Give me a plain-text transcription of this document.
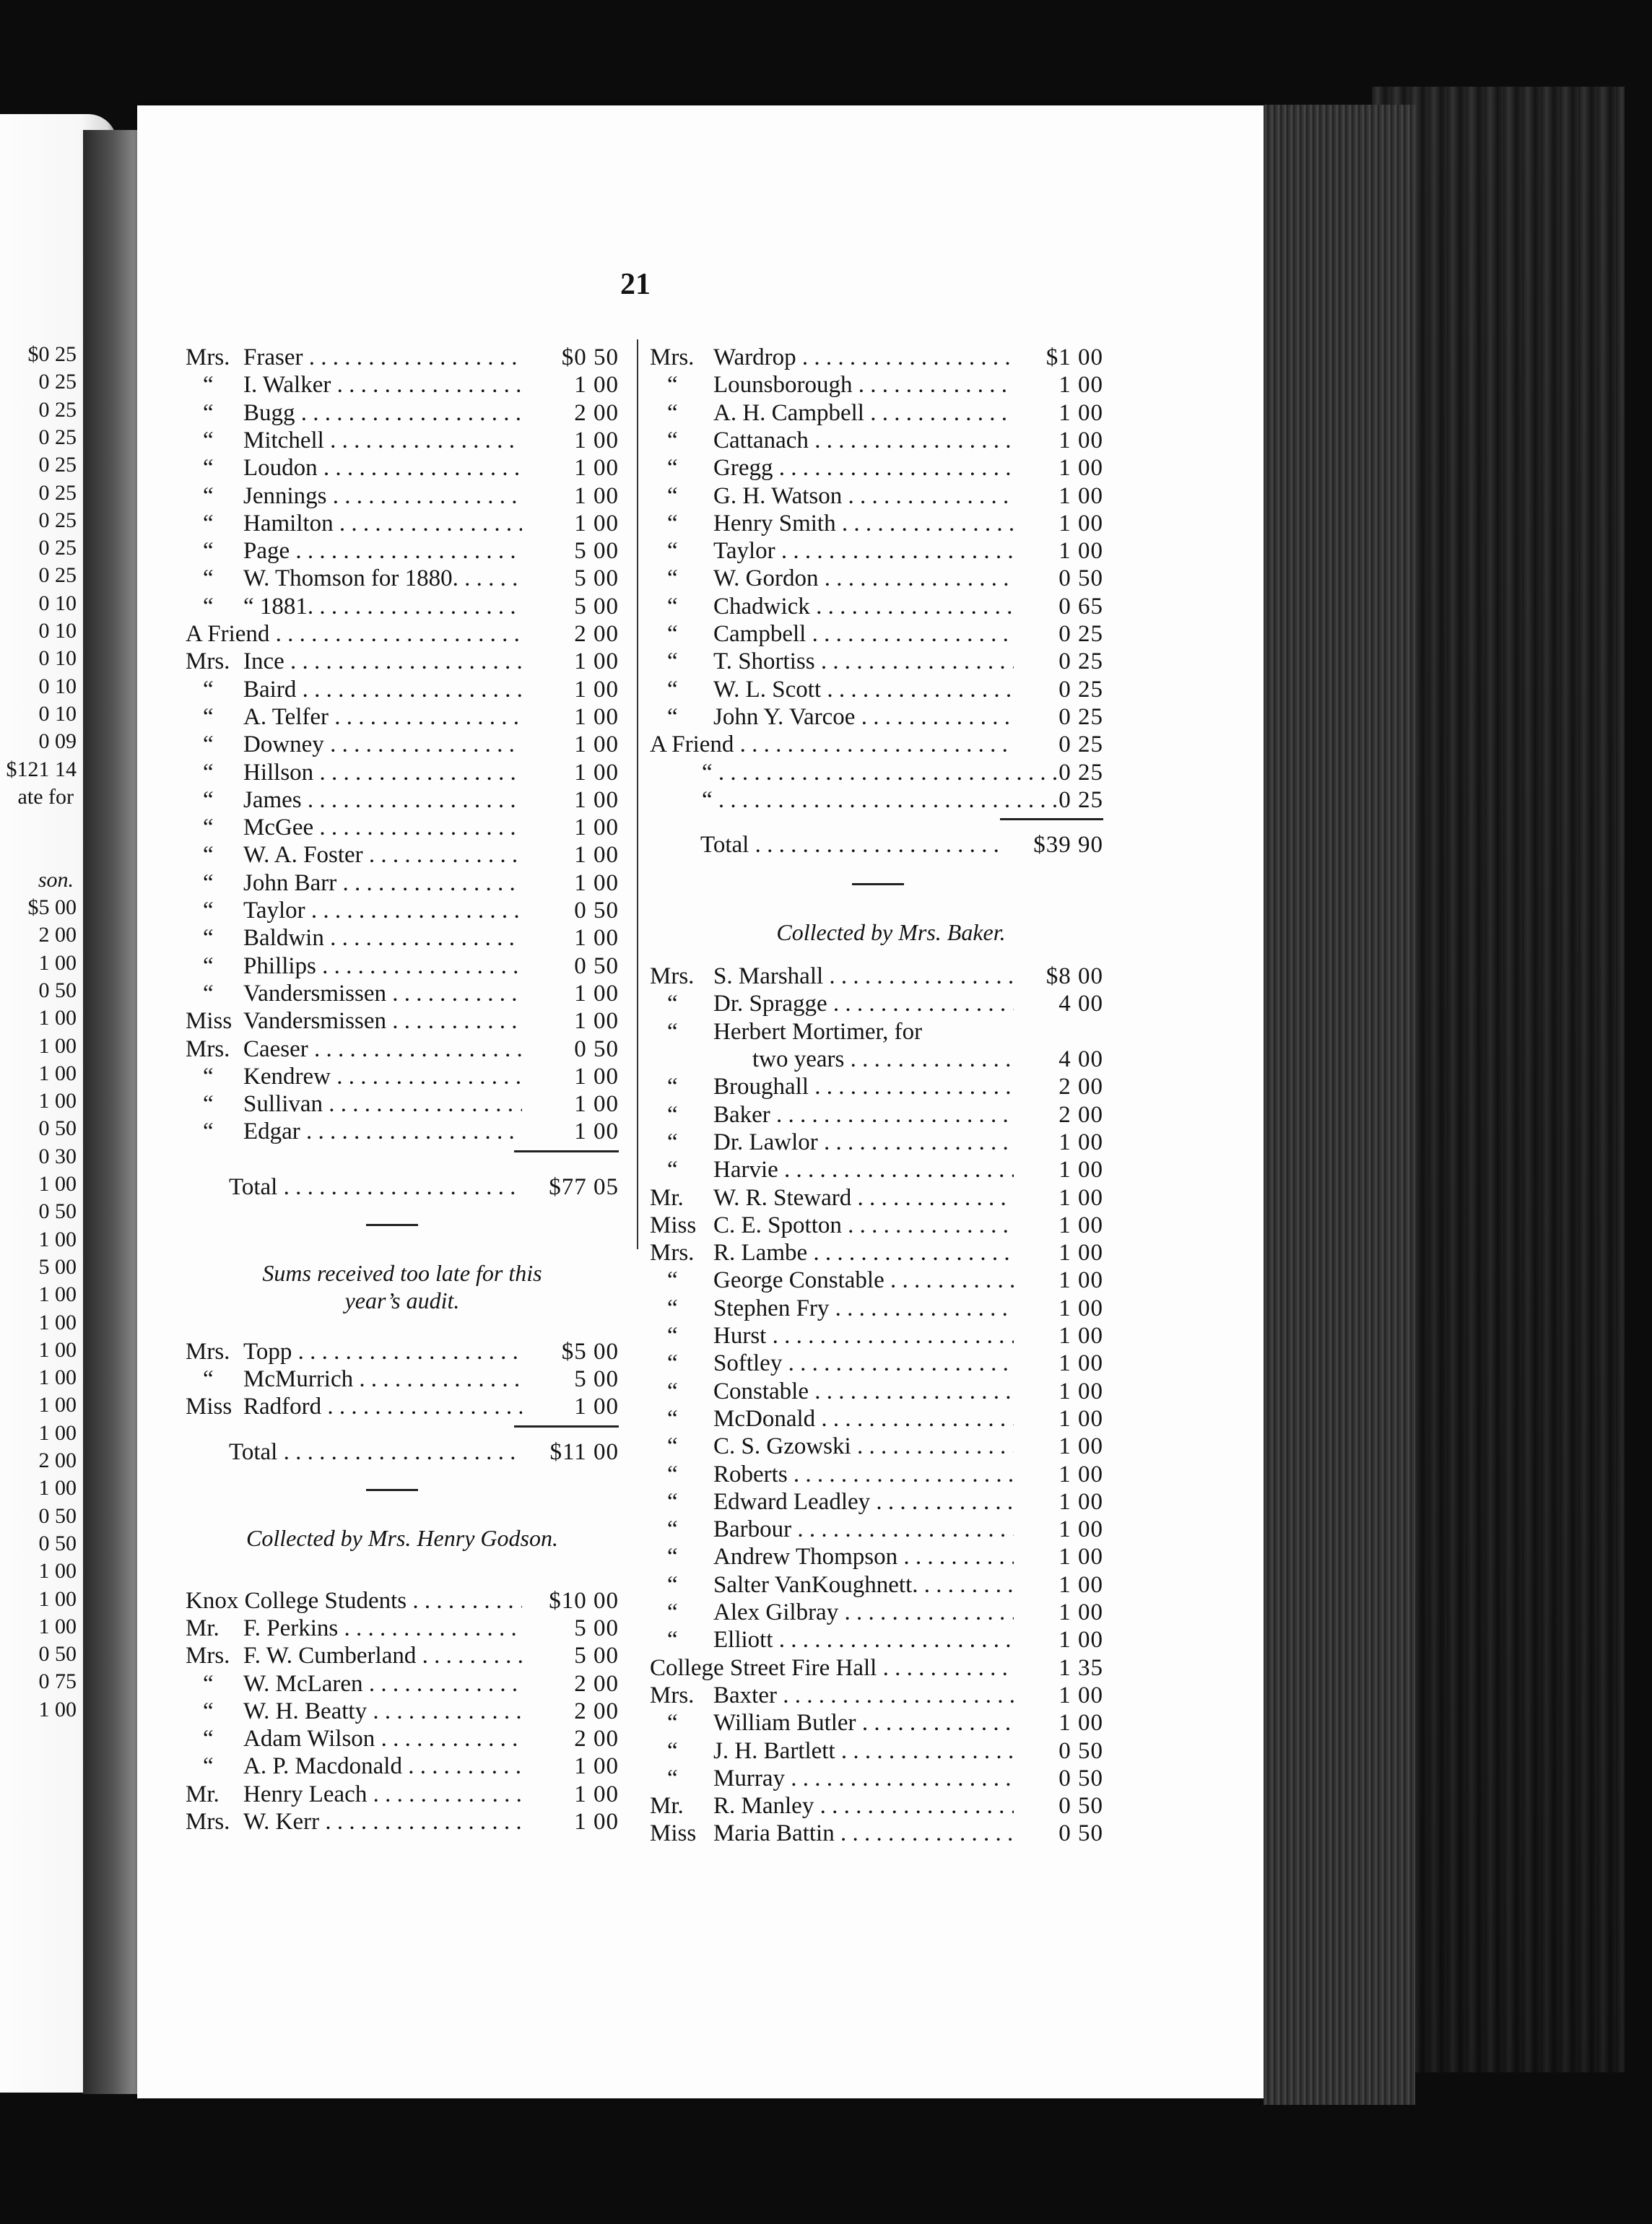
$0 25
0 25
0 25
0 25
0 25
0 25
0 25
0 25
0 25
0 10
0 10
0 10
0 10
0 10
0 09
$121 14
ate for
son.
$5 00
2 00
1 00
0 50
1 00
1 00
1 00
1 00
0 50
0 30
1 00
0 50
1 00
5 00
1 00
1 00
1 00
1 00
1 00
1 00
2 00
1 00
0 50
0 50
1 00
1 00
1 00
0 50
0 75
1 00
21
Mrs. Fraser . . .	$0 50
“ I. Walker . . .	1 00
“ Bugg . . .	2 00
“ Mitchell . . .	1 00
“ Loudon . . .	1 00
“ Jennings . . .	1 00
“ Hamilton . . .	1 00
“ Page . . .	5 00
“ W. Thomson for 1880. . . .	5 00
“ “ 1881. . . .	5 00
A Friend . . .	2 00
Mrs. Ince . . .	1 00
“ Baird . . .	1 00
“ A. Telfer . . .	1 00
“ Downey . . .	1 00
“ Hillson . . .	1 00
“ James . . .	1 00
“ McGee . . .	1 00
“ W. A. Foster . . .	1 00
“ John Barr . . .	1 00
“ Taylor . . .	0 50
“ Baldwin . . .	1 00
“ Phillips . . .	0 50
“ Vandersmissen . . .	1 00
Miss Vandersmissen . . .	1 00
Mrs. Caeser . . .	0 50
“ Kendrew . . .	1 00
“ Sullivan . . .	1 00
“ Edgar . . .	1 00
Total . . .	$77 05
Sums received too late for this
year’s audit.
Mrs. Topp . . .	$5 00
“ McMurrich . . .	5 00
Miss Radford . . .	1 00
Total . . .	$11 00
Collected by Mrs. Henry Godson.
Knox College Students . . .	$10 00
Mr. F. Perkins . . .	5 00
Mrs. F. W. Cumberland . . .	5 00
“ W. McLaren . . .	2 00
“ W. H. Beatty . . .	2 00
“ Adam Wilson . . .	2 00
“ A. P. Macdonald . . .	1 00
Mr. Henry Leach . . .	1 00
Mrs. W. Kerr . . .	1 00
Mrs. Wardrop . . .	$1 00
“ Lounsborough . . .	1 00
“ A. H. Campbell . . .	1 00
“ Cattanach . . .	1 00
“ Gregg . . .	1 00
“ G. H. Watson . . .	1 00
“ Henry Smith . . .	1 00
“ Taylor . . .	1 00
“ W. Gordon . . .	0 50
“ Chadwick . . .	0 65
“ Campbell . . .	0 25
“ T. Shortiss . . .	0 25
“ W. L. Scott . . .	0 25
“ John Y. Varcoe . . .	0 25
A Friend . . .	0 25
“ . . .	0 25
“ . . .	0 25
Total . . .	$39 90
Collected by Mrs. Baker.
Mrs. S. Marshall . . .	$8 00
“ Dr. Spragge . . .	4 00
“ Herbert Mortimer, for
two years . . .	4 00
“ Broughall . . .	2 00
“ Baker . . .	2 00
“ Dr. Lawlor . . .	1 00
“ Harvie . . .	1 00
Mr. W. R. Steward . . .	1 00
Miss C. E. Spotton . . .	1 00
Mrs. R. Lambe . . .	1 00
“ George Constable . . .	1 00
“ Stephen Fry . . .	1 00
“ Hurst . . .	1 00
“ Softley . . .	1 00
“ Constable . . .	1 00
“ McDonald . . .	1 00
“ C. S. Gzowski . . .	1 00
“ Roberts . . .	1 00
“ Edward Leadley . . .	1 00
“ Barbour . . .	1 00
“ Andrew Thompson . . .	1 00
“ Salter VanKoughnett. . . .	1 00
“ Alex Gilbray . . .	1 00
“ Elliott . . .	1 00
College Street Fire Hall . . .	1 35
Mrs. Baxter . . .	1 00
“ William Butler . . .	1 00
“ J. H. Bartlett . . .	0 50
“ Murray . . .	0 50
Mr. R. Manley . . .	0 50
Miss Maria Battin . . .	0 50
